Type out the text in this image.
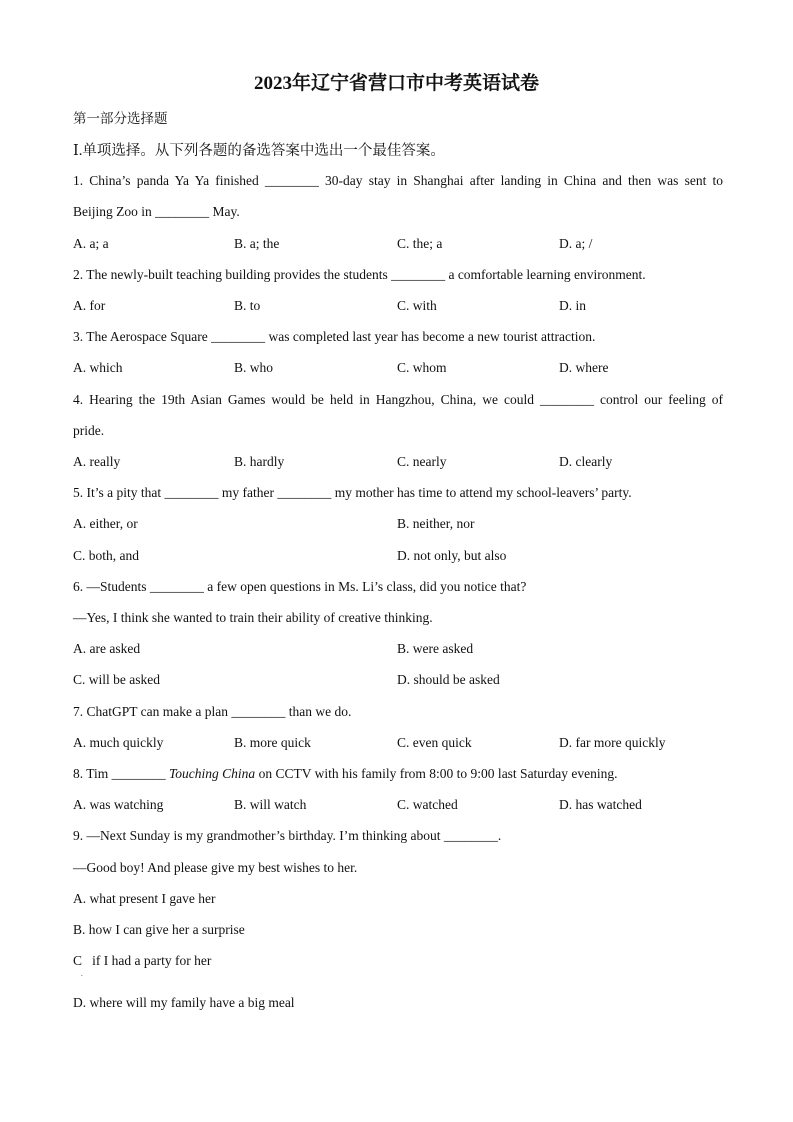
2023年辽宁省营口市中考英语试卷
第一部分选择题
Ⅰ.单项选择。从下列各题的备选答案中选出一个最佳答案。
1. China’s panda Ya Ya finished ________ 30-day stay in Shanghai after landing in China and then was sent to
Beijing Zoo in ________ May.
A. a; a	B. a; the	C. the; a	D. a; /
2. The newly-built teaching building provides the students ________ a comfortable learning environment.
A. for	B. to	C. with	D. in
3. The Aerospace Square ________ was completed last year has become a new tourist attraction.
A. which	B. who	C. whom	D. where
4. Hearing the 19th Asian Games would be held in Hangzhou, China, we could ________ control our feeling of
pride.
A. really	B. hardly	C. nearly	D. clearly
5. It’s a pity that ________ my father ________ my mother has time to attend my school-leavers’ party.
A. either, or	B. neither, nor
C. both, and	D. not only, but also
6. —Students ________ a few open questions in Ms. Li’s class, did you notice that?
—Yes, I think she wanted to train their ability of creative thinking.
A. are asked	B. were asked
C. will be asked	D. should be asked
7. ChatGPT can make a plan ________ than we do.
A. much quickly	B. more quick	C. even quick	D. far more quickly
8. Tim ________ Touching China on CCTV with his family from 8:00 to 9:00 last Saturday evening.
A. was watching	B. will watch	C. watched	D. has watched
9. —Next Sunday is my grandmother’s birthday. I’m thinking about ________.
—Good boy! And please give my best wishes to her.
A. what present I gave her
B. how I can give her a surprise
C   if I had a party for her
.
D. where will my family have a big meal
